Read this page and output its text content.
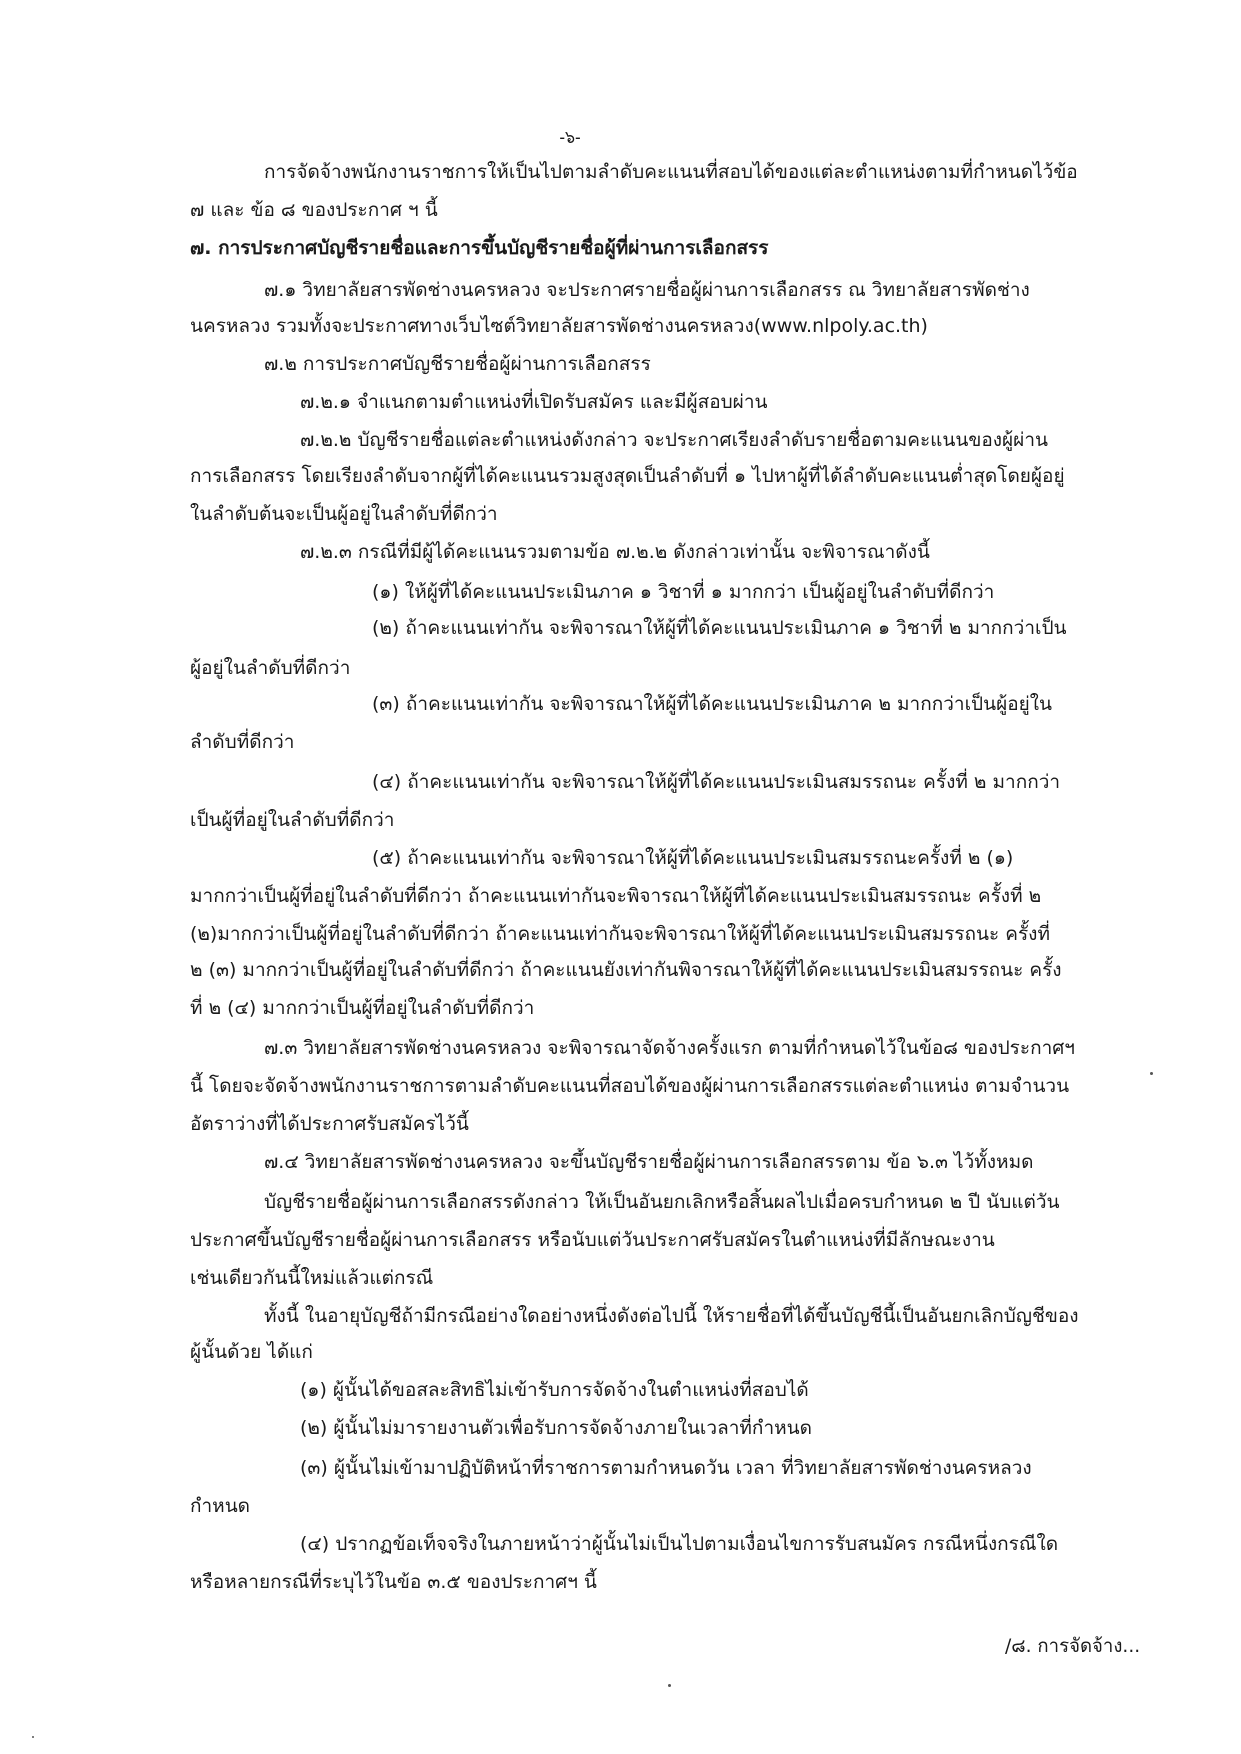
-๖-
การจัดจ้างพนักงานราชการให้เป็นไปตามลำดับคะแนนที่สอบได้ของแต่ละตำแหน่งตามที่กำหนดไว้ข้อ
๗ และ ข้อ ๘ ของประกาศ ฯ นี้
๗. การประกาศบัญชีรายชื่อและการขึ้นบัญชีรายชื่อผู้ที่ผ่านการเลือกสรร
๗.๑ วิทยาลัยสารพัดช่างนครหลวง จะประกาศรายชื่อผู้ผ่านการเลือกสรร ณ วิทยาลัยสารพัดช่าง
นครหลวง รวมทั้งจะประกาศทางเว็บไซต์วิทยาลัยสารพัดช่างนครหลวง(www.nlpoly.ac.th)
๗.๒ การประกาศบัญชีรายชื่อผู้ผ่านการเลือกสรร
๗.๒.๑ จำแนกตามตำแหน่งที่เปิดรับสมัคร และมีผู้สอบผ่าน
๗.๒.๒ บัญชีรายชื่อแต่ละตำแหน่งดังกล่าว จะประกาศเรียงลำดับรายชื่อตามคะแนนของผู้ผ่าน
การเลือกสรร โดยเรียงลำดับจากผู้ที่ได้คะแนนรวมสูงสุดเป็นลำดับที่ ๑ ไปหาผู้ที่ได้ลำดับคะแนนต่ำสุดโดยผู้อยู่
ในลำดับต้นจะเป็นผู้อยู่ในลำดับที่ดีกว่า
๗.๒.๓ กรณีที่มีผู้ได้คะแนนรวมตามข้อ ๗.๒.๒ ดังกล่าวเท่านั้น จะพิจารณาดังนี้
(๑) ให้ผู้ที่ได้คะแนนประเมินภาค ๑ วิชาที่ ๑ มากกว่า เป็นผู้อยู่ในลำดับที่ดีกว่า
(๒) ถ้าคะแนนเท่ากัน จะพิจารณาให้ผู้ที่ได้คะแนนประเมินภาค ๑ วิชาที่ ๒ มากกว่าเป็น
ผู้อยู่ในลำดับที่ดีกว่า
(๓) ถ้าคะแนนเท่ากัน จะพิจารณาให้ผู้ที่ได้คะแนนประเมินภาค ๒ มากกว่าเป็นผู้อยู่ใน
ลำดับที่ดีกว่า
(๔) ถ้าคะแนนเท่ากัน จะพิจารณาให้ผู้ที่ได้คะแนนประเมินสมรรถนะ ครั้งที่ ๒ มากกว่า
เป็นผู้ที่อยู่ในลำดับที่ดีกว่า
(๕) ถ้าคะแนนเท่ากัน จะพิจารณาให้ผู้ที่ได้คะแนนประเมินสมรรถนะครั้งที่ ๒ (๑)
มากกว่าเป็นผู้ที่อยู่ในลำดับที่ดีกว่า ถ้าคะแนนเท่ากันจะพิจารณาให้ผู้ที่ได้คะแนนประเมินสมรรถนะ ครั้งที่ ๒
(๒)มากกว่าเป็นผู้ที่อยู่ในลำดับที่ดีกว่า ถ้าคะแนนเท่ากันจะพิจารณาให้ผู้ที่ได้คะแนนประเมินสมรรถนะ ครั้งที่
๒ (๓) มากกว่าเป็นผู้ที่อยู่ในลำดับที่ดีกว่า ถ้าคะแนนยังเท่ากันพิจารณาให้ผู้ที่ได้คะแนนประเมินสมรรถนะ ครั้ง
ที่ ๒ (๔) มากกว่าเป็นผู้ที่อยู่ในลำดับที่ดีกว่า
๗.๓ วิทยาลัยสารพัดช่างนครหลวง จะพิจารณาจัดจ้างครั้งแรก ตามที่กำหนดไว้ในข้อ๘ ของประกาศฯ
นี้ โดยจะจัดจ้างพนักงานราชการตามลำดับคะแนนที่สอบได้ของผู้ผ่านการเลือกสรรแต่ละตำแหน่ง ตามจำนวน
อัตราว่างที่ได้ประกาศรับสมัครไว้นี้
๗.๔ วิทยาลัยสารพัดช่างนครหลวง จะขึ้นบัญชีรายชื่อผู้ผ่านการเลือกสรรตาม ข้อ ๖.๓ ไว้ทั้งหมด
บัญชีรายชื่อผู้ผ่านการเลือกสรรดังกล่าว ให้เป็นอันยกเลิกหรือสิ้นผลไปเมื่อครบกำหนด ๒ ปี นับแต่วัน
ประกาศขึ้นบัญชีรายชื่อผู้ผ่านการเลือกสรร หรือนับแต่วันประกาศรับสมัครในตำแหน่งที่มีลักษณะงาน
เช่นเดียวกันนี้ใหม่แล้วแต่กรณี
ทั้งนี้ ในอายุบัญชีถ้ามีกรณีอย่างใดอย่างหนึ่งดังต่อไปนี้ ให้รายชื่อที่ได้ขึ้นบัญชีนี้เป็นอันยกเลิกบัญชีของ
ผู้นั้นด้วย ได้แก่
(๑) ผู้นั้นได้ขอสละสิทธิไม่เข้ารับการจัดจ้างในตำแหน่งที่สอบได้
(๒) ผู้นั้นไม่มารายงานตัวเพื่อรับการจัดจ้างภายในเวลาที่กำหนด
(๓) ผู้นั้นไม่เข้ามาปฏิบัติหน้าที่ราชการตามกำหนดวัน เวลา ที่วิทยาลัยสารพัดช่างนครหลวง
กำหนด
(๔) ปรากฏข้อเท็จจริงในภายหน้าว่าผู้นั้นไม่เป็นไปตามเงื่อนไขการรับสนมัคร กรณีหนึ่งกรณีใด
หรือหลายกรณีที่ระบุไว้ในข้อ ๓.๕ ของประกาศฯ นี้
/๘. การจัดจ้าง...
